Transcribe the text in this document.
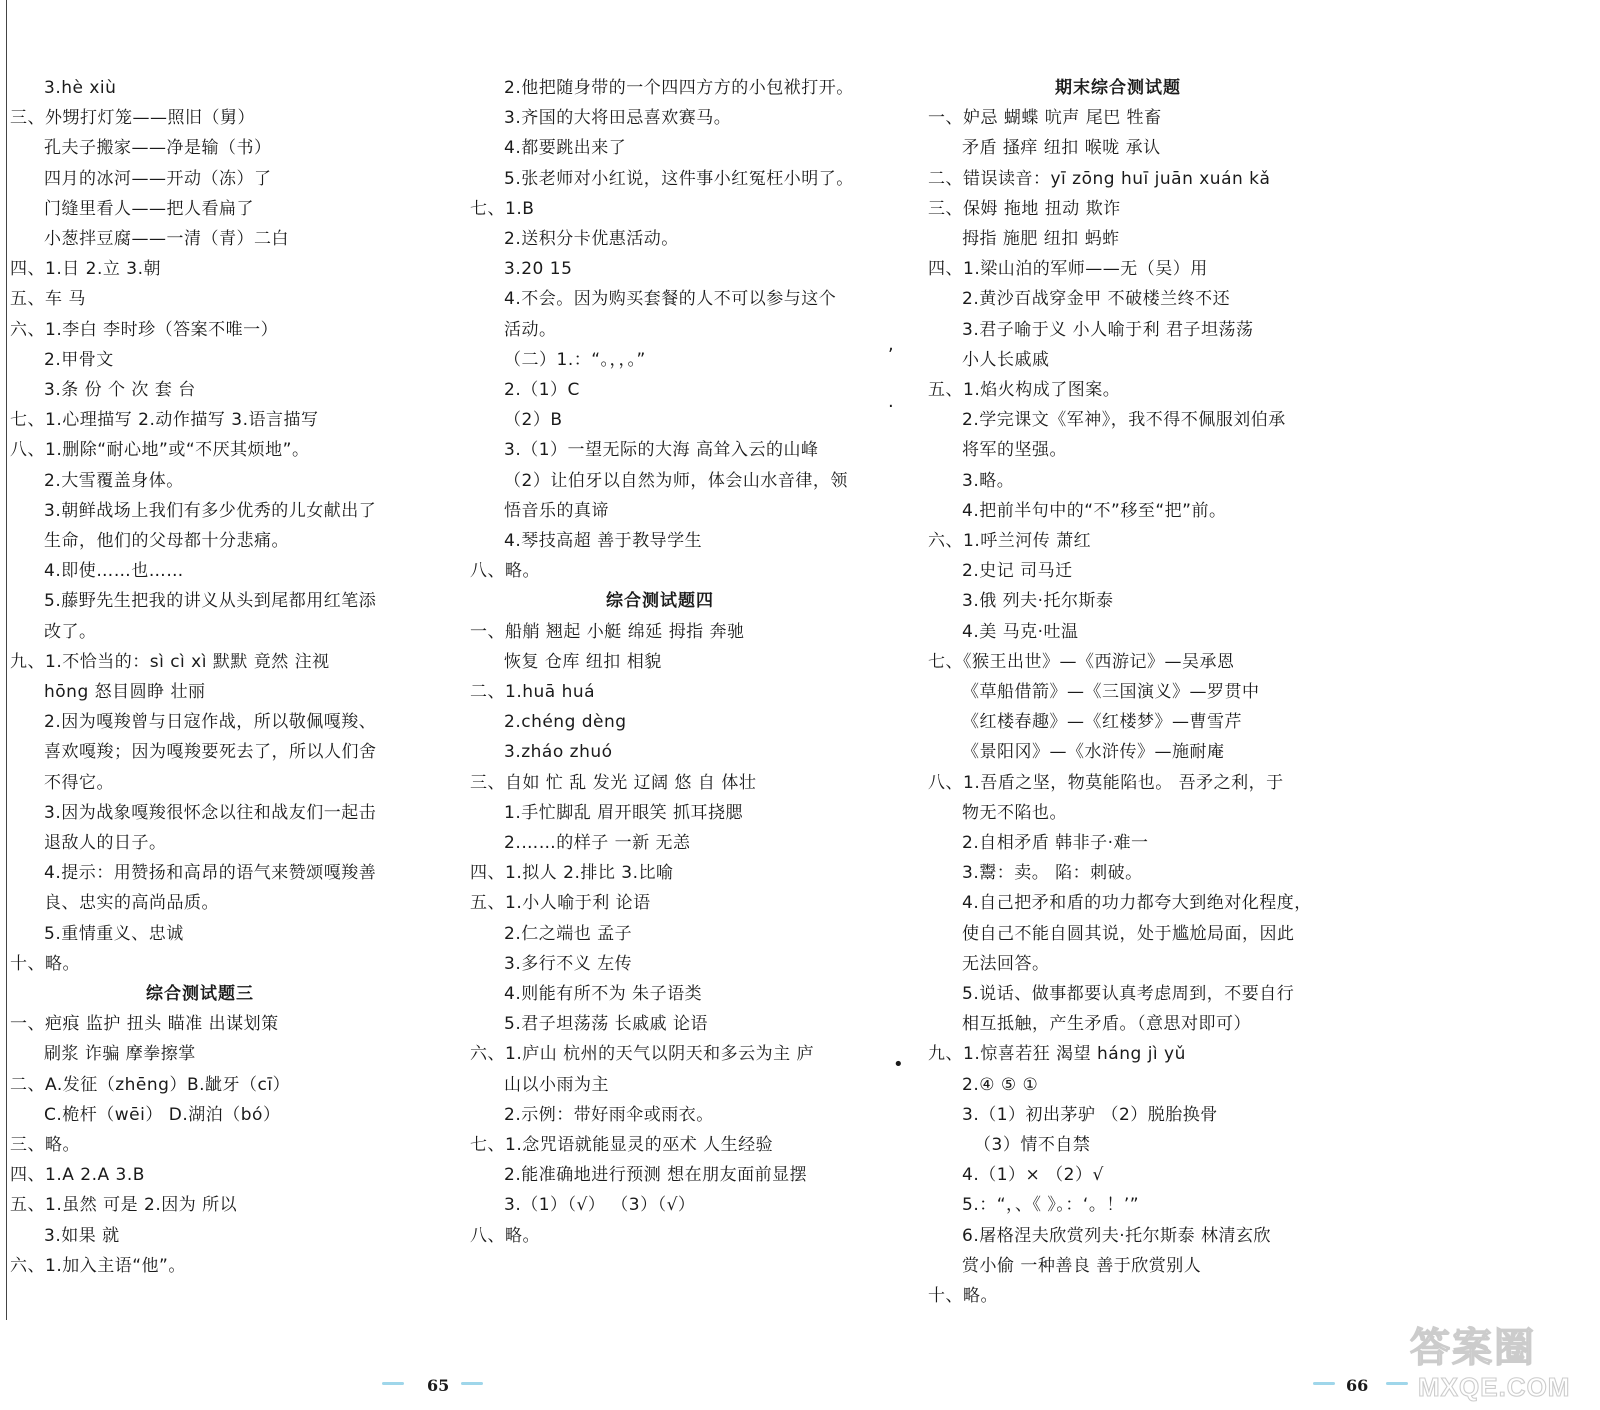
3.hè xiù
三、外甥打灯笼——照旧（舅）
孔夫子搬家——净是输（书）
四月的冰河——开动（冻）了
门缝里看人——把人看扁了
小葱拌豆腐——一清（青）二白
四、1.日 2.立 3.朝
五、车 马
六、1.李白 李时珍（答案不唯一）
2.甲骨文
3.条 份 个 次 套 台
七、1.心理描写 2.动作描写 3.语言描写
八、1.删除“耐心地”或“不厌其烦地”。
2.大雪覆盖身体。
3.朝鲜战场上我们有多少优秀的儿女献出了
生命，他们的父母都十分悲痛。
4.即使……也……
5.藤野先生把我的讲义从头到尾都用红笔添
改了。
九、1.不恰当的：sì cì xì 默默 竟然 注视
hōng 怒目圆睁 壮丽
2.因为嘎羧曾与日寇作战，所以敬佩嘎羧、
喜欢嘎羧；因为嘎羧要死去了，所以人们舍
不得它。
3.因为战象嘎羧很怀念以往和战友们一起击
退敌人的日子。
4.提示：用赞扬和高昂的语气来赞颂嘎羧善
良、忠实的高尚品质。
5.重情重义、忠诚
十、略。
综合测试题三
一、疤痕 监护 扭头 瞄准 出谋划策
刷浆 诈骗 摩拳擦掌
二、A.发征（zhēng）B.龇牙（cī）
C.桅杆（wēi） D.湖泊（bó）
三、略。
四、1.A 2.A 3.B
五、1.虽然 可是 2.因为 所以
3.如果 就
六、1.加入主语“他”。
2.他把随身带的一个四四方方的小包袱打开。
3.齐国的大将田忌喜欢赛马。
4.都要跳出来了
5.张老师对小红说，这件事小红冤枉小明了。
七、1.B
2.送积分卡优惠活动。
3.20 15
4.不会。因为购买套餐的人不可以参与这个
活动。
（二）1.：“。，，。”
2.（1）C
（2）B
3.（1）一望无际的大海 高耸入云的山峰
（2）让伯牙以自然为师，体会山水音律，领
悟音乐的真谛
4.琴技高超 善于教导学生
八、略。
综合测试题四
一、船艄 翘起 小艇 绵延 拇指 奔驰
恢复 仓库 纽扣 相貌
二、1.huā huá
2.chéng dèng
3.zháo zhuó
三、自如 忙 乱 发光 辽阔 悠 自 体壮
1.手忙脚乱 眉开眼笑 抓耳挠腮
2.……的样子 一新 无恙
四、1.拟人 2.排比 3.比喻
五、1.小人喻于利 论语
2.仁之端也 孟子
3.多行不义 左传
4.则能有所不为 朱子语类
5.君子坦荡荡 长戚戚 论语
六、1.庐山 杭州的天气以阴天和多云为主 庐
山以小雨为主
2.示例：带好雨伞或雨衣。
七、1.念咒语就能显灵的巫术 人生经验
2.能准确地进行预测 想在朋友面前显摆
3.（1）（√） （3）（√）
八、略。
期末综合测试题
一、妒忌 蝴蝶 吭声 尾巴 牲畜
矛盾 搔痒 纽扣 喉咙 承认
二、错误读音：yī zōng huī juān xuán kǎ
三、保姆 拖地 扭动 欺诈
拇指 施肥 纽扣 蚂蚱
四、1.梁山泊的军师——无（吴）用
2.黄沙百战穿金甲 不破楼兰终不还
3.君子喻于义 小人喻于利 君子坦荡荡
小人长戚戚
五、1.焰火构成了图案。
2.学完课文《军神》，我不得不佩服刘伯承
将军的坚强。
3.略。
4.把前半句中的“不”移至“把”前。
六、1.呼兰河传 萧红
2.史记 司马迁
3.俄 列夫·托尔斯泰
4.美 马克·吐温
七、《猴王出世》—《西游记》—吴承恩
《草船借箭》—《三国演义》—罗贯中
《红楼春趣》—《红楼梦》—曹雪芹
《景阳冈》—《水浒传》—施耐庵
八、1.吾盾之坚，物莫能陷也。 吾矛之利，于
物无不陷也。
2.自相矛盾 韩非子·难一
3.鬻：卖。 陷：刺破。
4.自己把矛和盾的功力都夸大到绝对化程度，
使自己不能自圆其说，处于尴尬局面，因此
无法回答。
5.说话、做事都要认真考虑周到，不要自行
相互抵触，产生矛盾。（意思对即可）
九、1.惊喜若狂 渴望 háng jì yǔ
2.④ ⑤ ①
3.（1）初出茅驴 （2）脱胎换骨
（3）情不自禁
4.（1）× （2）√
5.：“，、《 》。：‘。！’”
6.屠格涅夫欣赏列夫·托尔斯泰 林清玄欣
赏小偷 一种善良 善于欣赏别人
十、略。
,
·
•
65	66
答案圈
MXQE.COM
